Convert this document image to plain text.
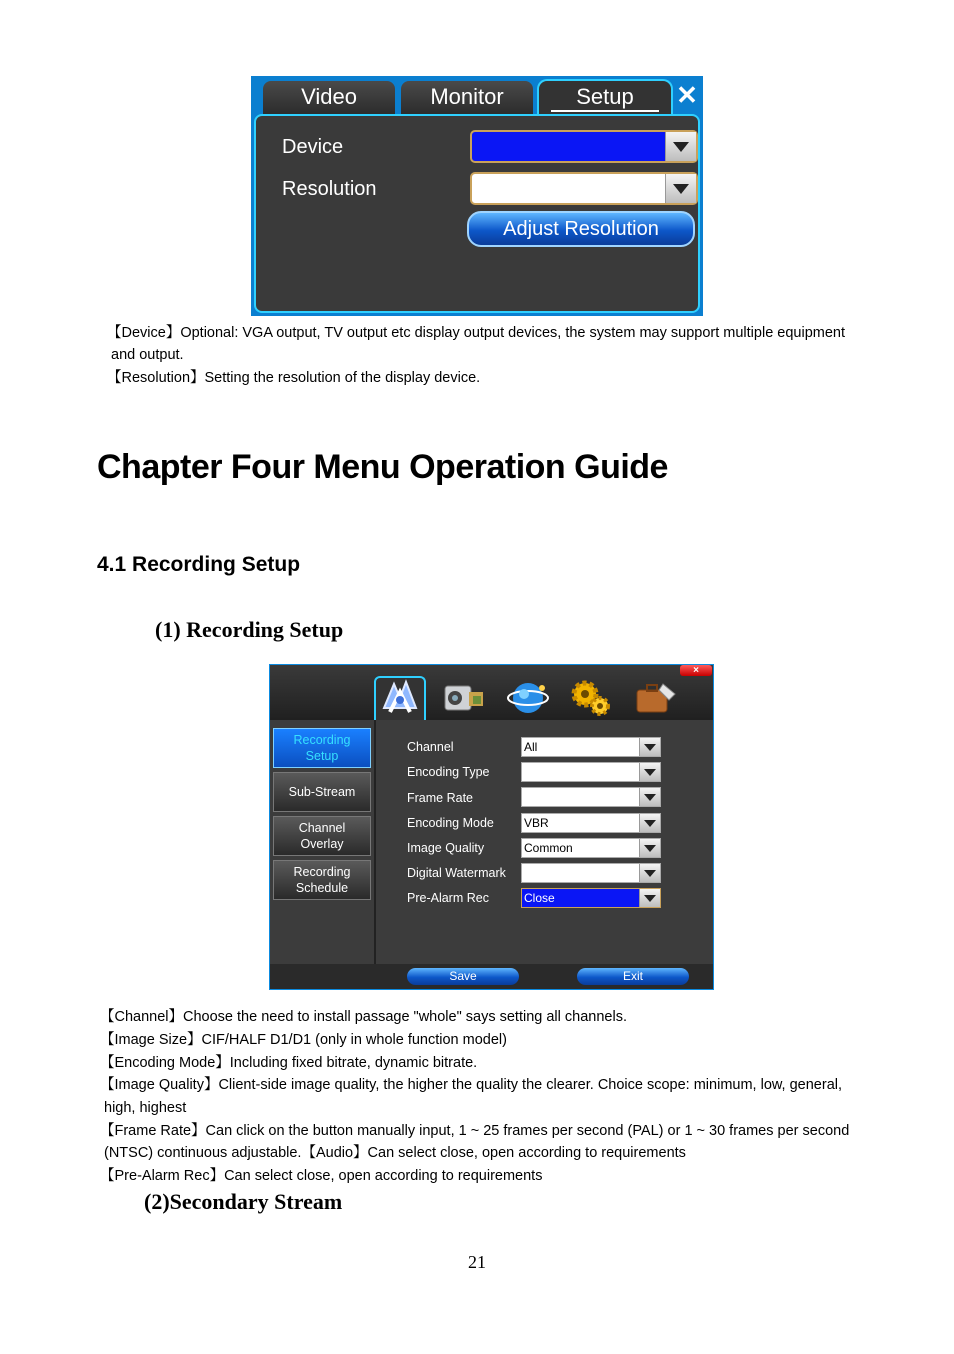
Video	Monitor	Setup	✕
Device
Resolution
Adjust Resolution
【Device】Optional: VGA output, TV output etc display output devices, the system may support multiple equipment
and output.
【Resolution】Setting the resolution of the display device.
Chapter Four Menu Operation Guide
4.1 Recording Setup
(1) Recording Setup
×
Recording
Setup
Sub-Stream
Channel
Overlay
Recording
Schedule
Channel	All
Encoding Type
Frame Rate
Encoding Mode	VBR
Image Quality	Common
Digital Watermark
Pre-Alarm Rec	Close
Save	Exit
【Channel】Choose the need to install passage "whole" says setting all channels.
【Image Size】CIF/HALF D1/D1 (only in whole function model)
【Encoding Mode】Including fixed bitrate, dynamic bitrate.
【Image Quality】Client-side image quality, the higher the quality the clearer. Choice scope: minimum, low, general,
high, highest
【Frame Rate】Can click on the button manually input, 1 ~ 25 frames per second (PAL) or 1 ~ 30 frames per second
(NTSC) continuous adjustable.【Audio】Can select close, open according to requirements
【Pre-Alarm Rec】Can select close, open according to requirements
(2)Secondary Stream
21
